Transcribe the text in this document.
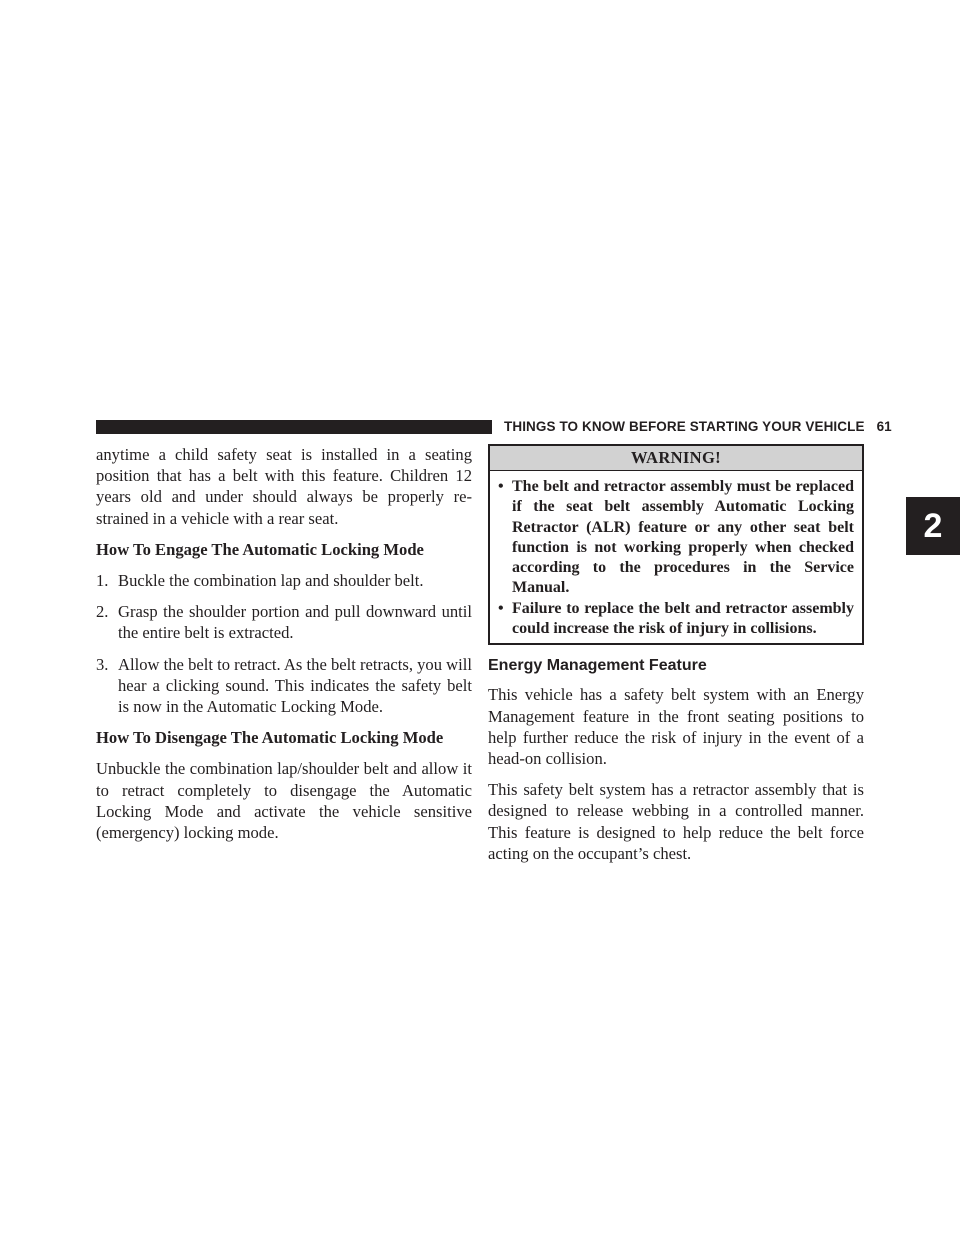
THINGS TO KNOW BEFORE STARTING YOUR VEHICLE 61
2

anytime a child safety seat is installed in a seating position that has a belt with this feature. Children 12 years old and under should always be properly re-strained in a vehicle with a rear seat.

How To Engage The Automatic Locking Mode
1. Buckle the combination lap and shoulder belt.
2. Grasp the shoulder portion and pull downward until the entire belt is extracted.
3. Allow the belt to retract. As the belt retracts, you will hear a clicking sound. This indicates the safety belt is now in the Automatic Locking Mode.
How To Disengage The Automatic Locking Mode

Unbuckle the combination lap/shoulder belt and allow it to retract completely to disengage the Automatic Locking Mode and activate the vehicle sensitive (emergency) locking mode.

WARNING!
• The belt and retractor assembly must be replaced if the seat belt assembly Automatic Locking Retractor (ALR) feature or any other seat belt function is not working properly when checked according to the procedures in the Service Manual.
• Failure to replace the belt and retractor assembly could increase the risk of injury in collisions.
Energy Management Feature

This vehicle has a safety belt system with an Energy Management feature in the front seating positions to help further reduce the risk of injury in the event of a head-on collision.

This safety belt system has a retractor assembly that is designed to release webbing in a controlled manner. This feature is designed to help reduce the belt force acting on the occupant’s chest.
